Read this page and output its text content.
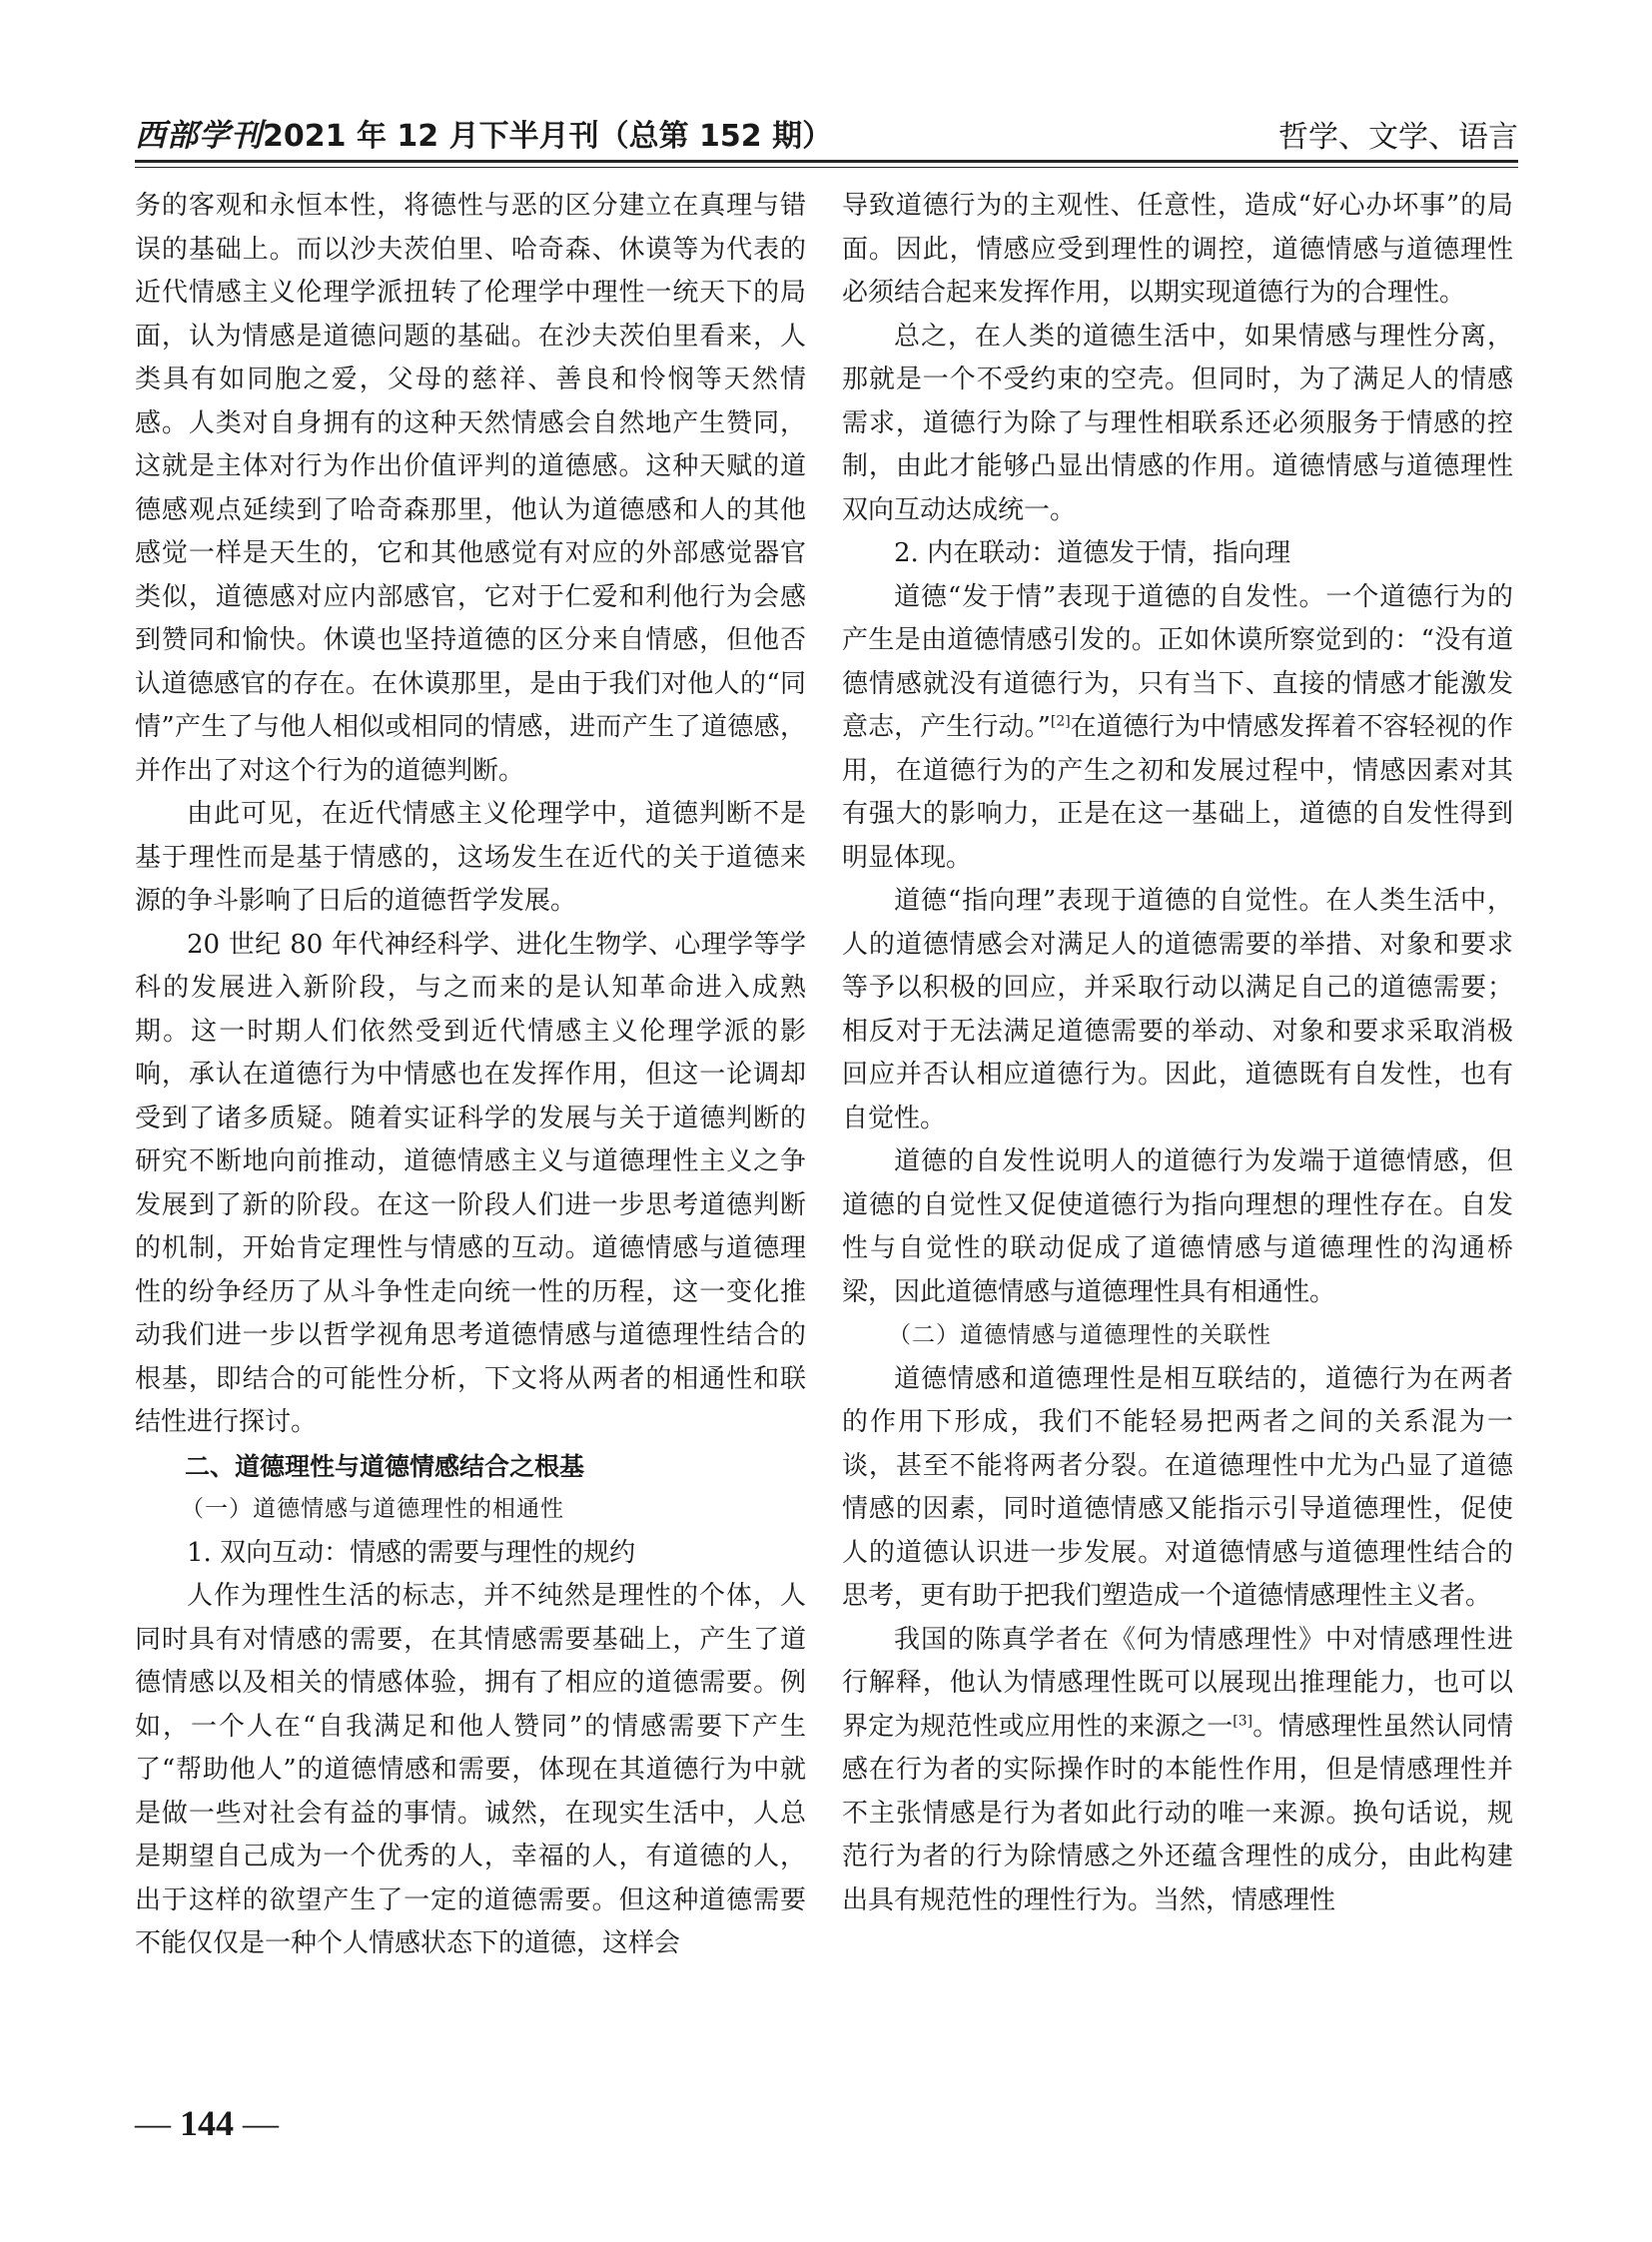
西部学刊2021 年 12 月下半月刊（总第 152 期）	哲学、文学、语言

务的客观和永恒本性，将德性与恶的区分建立在真理与错误的基础上。而以沙夫茨伯里、哈奇森、休谟等为代表的近代情感主义伦理学派扭转了伦理学中理性一统天下的局面，认为情感是道德问题的基础。在沙夫茨伯里看来，人类具有如同胞之爱，父母的慈祥、善良和怜悯等天然情感。人类对自身拥有的这种天然情感会自然地产生赞同，这就是主体对行为作出价值评判的道德感。这种天赋的道德感观点延续到了哈奇森那里，他认为道德感和人的其他感觉一样是天生的，它和其他感觉有对应的外部感觉器官类似，道德感对应内部感官，它对于仁爱和利他行为会感到赞同和愉快。休谟也坚持道德的区分来自情感，但他否认道德感官的存在。在休谟那里，是由于我们对他人的“同情”产生了与他人相似或相同的情感，进而产生了道德感，并作出了对这个行为的道德判断。

由此可见，在近代情感主义伦理学中，道德判断不是基于理性而是基于情感的，这场发生在近代的关于道德来源的争斗影响了日后的道德哲学发展。

20 世纪 80 年代神经科学、进化生物学、心理学等学科的发展进入新阶段，与之而来的是认知革命进入成熟期。这一时期人们依然受到近代情感主义伦理学派的影响，承认在道德行为中情感也在发挥作用，但这一论调却受到了诸多质疑。随着实证科学的发展与关于道德判断的研究不断地向前推动，道德情感主义与道德理性主义之争发展到了新的阶段。在这一阶段人们进一步思考道德判断的机制，开始肯定理性与情感的互动。道德情感与道德理性的纷争经历了从斗争性走向统一性的历程，这一变化推动我们进一步以哲学视角思考道德情感与道德理性结合的根基，即结合的可能性分析，下文将从两者的相通性和联结性进行探讨。

二、道德理性与道德情感结合之根基

（一）道德情感与道德理性的相通性

1. 双向互动：情感的需要与理性的规约

人作为理性生活的标志，并不纯然是理性的个体，人同时具有对情感的需要，在其情感需要基础上，产生了道德情感以及相关的情感体验，拥有了相应的道德需要。例如，一个人在“自我满足和他人赞同”的情感需要下产生了“帮助他人”的道德情感和需要，体现在其道德行为中就是做一些对社会有益的事情。诚然，在现实生活中，人总是期望自己成为一个优秀的人，幸福的人，有道德的人，出于这样的欲望产生了一定的道德需要。但这种道德需要不能仅仅是一种个人情感状态下的道德，这样会

导致道德行为的主观性、任意性，造成“好心办坏事”的局面。因此，情感应受到理性的调控，道德情感与道德理性必须结合起来发挥作用，以期实现道德行为的合理性。

总之，在人类的道德生活中，如果情感与理性分离，那就是一个不受约束的空壳。但同时，为了满足人的情感需求，道德行为除了与理性相联系还必须服务于情感的控制，由此才能够凸显出情感的作用。道德情感与道德理性双向互动达成统一。

2. 内在联动：道德发于情，指向理

道德“发于情”表现于道德的自发性。一个道德行为的产生是由道德情感引发的。正如休谟所察觉到的：“没有道德情感就没有道德行为，只有当下、直接的情感才能激发意志，产生行动。”[2]在道德行为中情感发挥着不容轻视的作用，在道德行为的产生之初和发展过程中，情感因素对其有强大的影响力，正是在这一基础上，道德的自发性得到明显体现。

道德“指向理”表现于道德的自觉性。在人类生活中，人的道德情感会对满足人的道德需要的举措、对象和要求等予以积极的回应，并采取行动以满足自己的道德需要；相反对于无法满足道德需要的举动、对象和要求采取消极回应并否认相应道德行为。因此，道德既有自发性，也有自觉性。

道德的自发性说明人的道德行为发端于道德情感，但道德的自觉性又促使道德行为指向理想的理性存在。自发性与自觉性的联动促成了道德情感与道德理性的沟通桥梁，因此道德情感与道德理性具有相通性。

（二）道德情感与道德理性的关联性

道德情感和道德理性是相互联结的，道德行为在两者的作用下形成，我们不能轻易把两者之间的关系混为一谈，甚至不能将两者分裂。在道德理性中尤为凸显了道德情感的因素，同时道德情感又能指示引导道德理性，促使人的道德认识进一步发展。对道德情感与道德理性结合的思考，更有助于把我们塑造成一个道德情感理性主义者。

我国的陈真学者在《何为情感理性》中对情感理性进行解释，他认为情感理性既可以展现出推理能力，也可以界定为规范性或应用性的来源之一[3]。情感理性虽然认同情感在行为者的实际操作时的本能性作用，但是情感理性并不主张情感是行为者如此行动的唯一来源。换句话说，规范行为者的行为除情感之外还蕴含理性的成分，由此构建出具有规范性的理性行为。当然，情感理性

— 144 —
